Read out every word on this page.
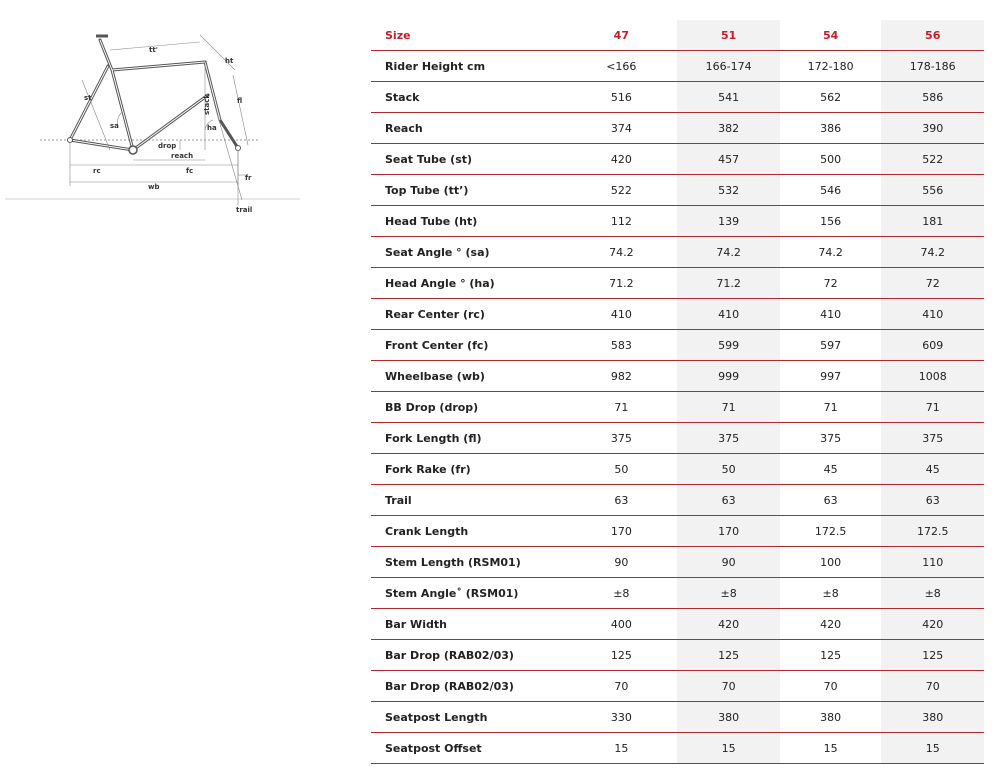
tt'
ht
st	stack	fl
sa	ha
drop
reach
rc	fc
fr
wb
trail
Size	47	51	54	56
Rider Height cm	<166	166-174	172-180	178-186
Stack	516	541	562	586
Reach	374	382	386	390
Seat Tube (st)	420	457	500	522
Top Tube (tt’)	522	532	546	556
Head Tube (ht)	112	139	156	181
Seat Angle ° (sa)	74.2	74.2	74.2	74.2
Head Angle ° (ha)	71.2	71.2	72	72
Rear Center (rc)	410	410	410	410
Front Center (fc)	583	599	597	609
Wheelbase (wb)	982	999	997	1008
BB Drop (drop)	71	71	71	71
Fork Length (fl)	375	375	375	375
Fork Rake (fr)	50	50	45	45
Trail	63	63	63	63
Crank Length	170	170	172.5	172.5
Stem Length (RSM01)	90	90	100	110
Stem Angle˚ (RSM01)	±8	±8	±8	±8
Bar Width	400	420	420	420
Bar Drop (RAB02/03)	125	125	125	125
Bar Drop (RAB02/03)	70	70	70	70
Seatpost Length	330	380	380	380
Seatpost Offset	15	15	15	15
